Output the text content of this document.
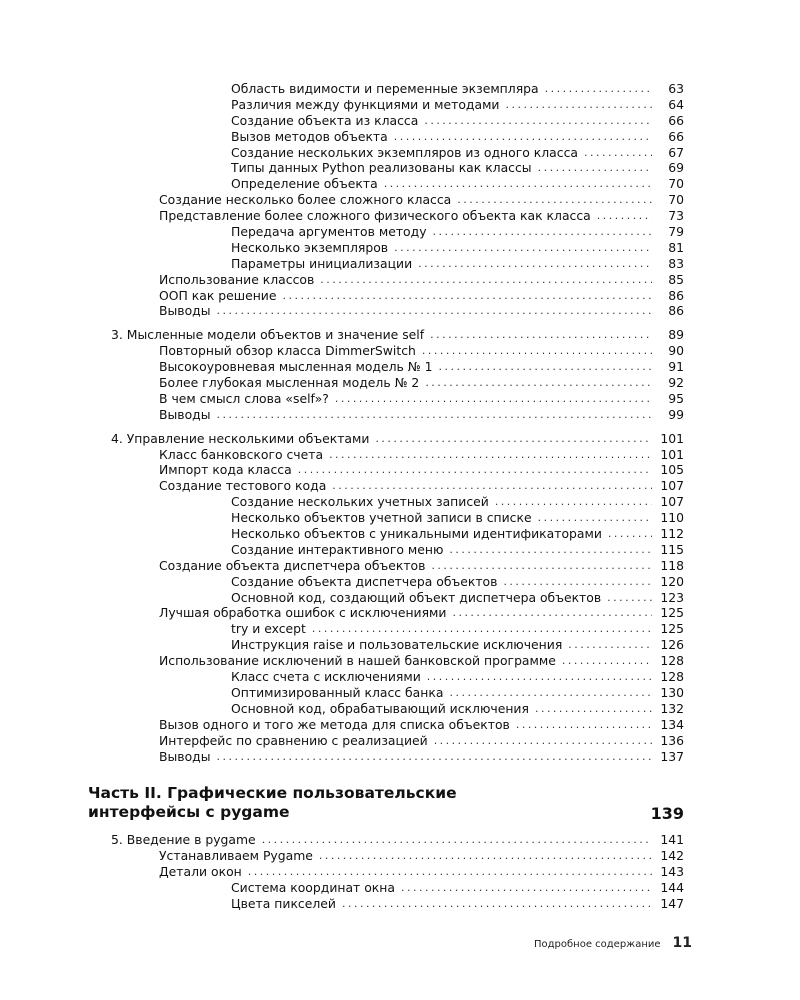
Область видимости и переменные экземпляра . . .	63
Различия между функциями и методами . . .	64
Создание объекта из класса . . .	66
Вызов методов объекта . . .	66
Создание нескольких экземпляров из одного класса . . .	67
Типы данных Python реализованы как классы . . .	69
Определение объекта . . .	70
Создание несколько более сложного класса . . .	70
Представление более сложного физического объекта как класса . . .	73
Передача аргументов методу . . .	79
Несколько экземпляров . . .	81
Параметры инициализации . . .	83
Использование классов . . .	85
ООП как решение . . .	86
Выводы . . .	86
3. Мысленные модели объектов и значение self . . .	89
Повторный обзор класса DimmerSwitch . . .	90
Высокоуровневая мысленная модель № 1 . . .	91
Более глубокая мысленная модель № 2 . . .	92
В чем смысл слова «self»? . . .	95
Выводы . . .	99
4. Управление несколькими объектами . . .	101
Класс банковского счета . . .	101
Импорт кода класса . . .	105
Создание тестового кода . . .	107
Создание нескольких учетных записей . . .	107
Несколько объектов учетной записи в списке . . .	110
Несколько объектов с уникальными идентификаторами . . .	112
Создание интерактивного меню . . .	115
Создание объекта диспетчера объектов . . .	118
Создание объекта диспетчера объектов . . .	120
Основной код, создающий объект диспетчера объектов . . .	123
Лучшая обработка ошибок с исключениями . . .	125
try и except . . .	125
Инструкция raise и пользовательские исключения . . .	126
Использование исключений в нашей банковской программе . . .	128
Класс счета с исключениями . . .	128
Оптимизированный класс банка . . .	130
Основной код, обрабатывающий исключения . . .	132
Вызов одного и того же метода для списка объектов . . .	134
Интерфейс по сравнению с реализацией . . .	136
Выводы . . .	137
Часть II. Графические пользовательские интерфейсы с pygame	139
5. Введение в pygame . . .	141
Устанавливаем Pygame . . .	142
Детали окон . . .	143
Система координат окна . . .	144
Цвета пикселей . . .	147
Подробное содержание 11
